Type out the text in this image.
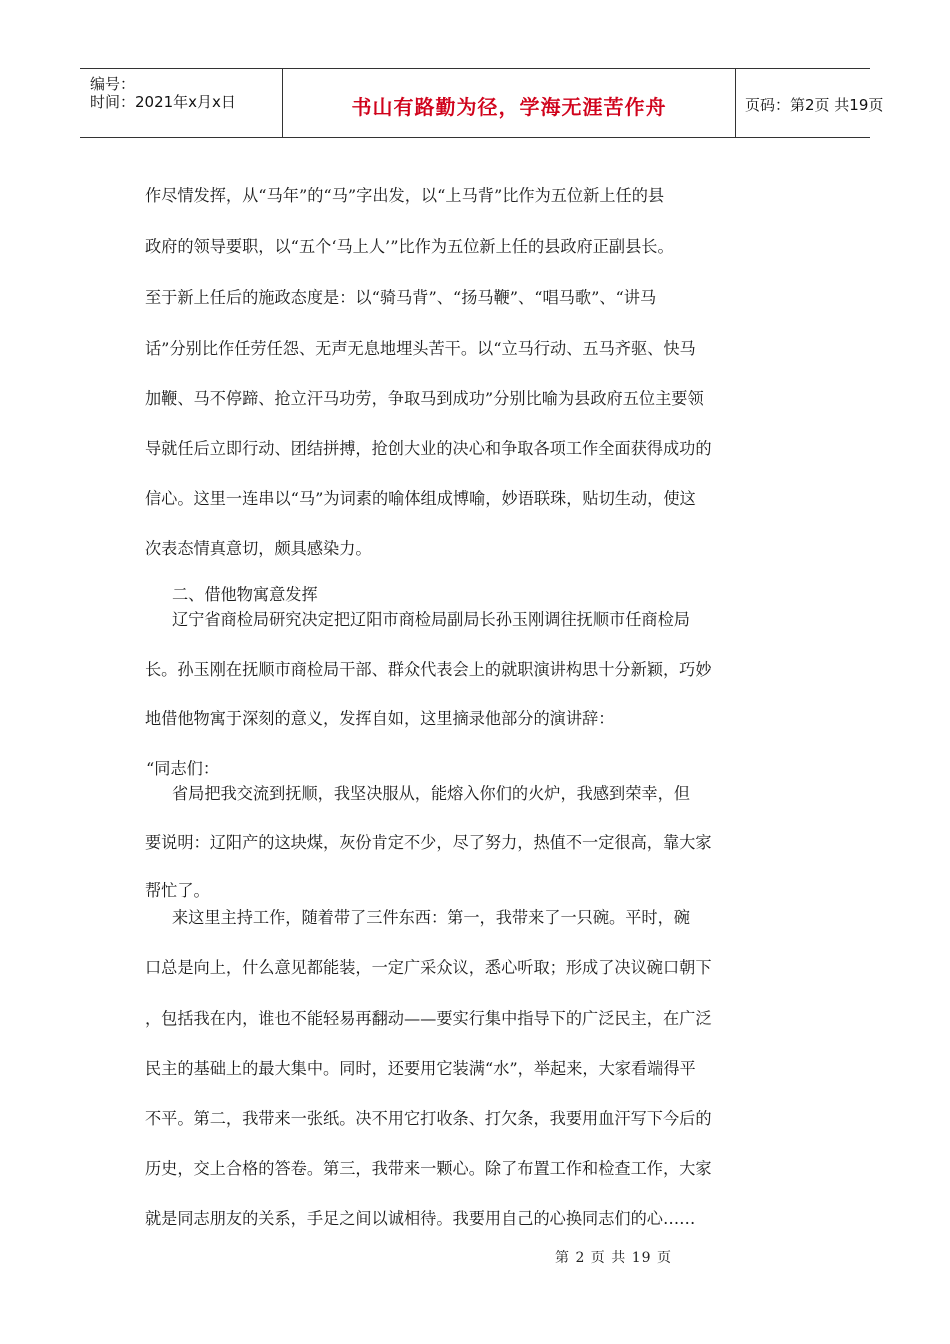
编号：
时间：2021年x月x日	书山有路勤为径，学海无涯苦作舟	页码：第2页 共19页
作尽情发挥，从“马年”的“马”字出发，以“上马背”比作为五位新上任的县
政府的领导要职，以“五个‘马上人’”比作为五位新上任的县政府正副县长。
至于新上任后的施政态度是：以“骑马背”、“扬马鞭”、“唱马歌”、“讲马
话”分别比作任劳任怨、无声无息地埋头苦干。以“立马行动、五马齐驱、快马
加鞭、马不停蹄、抢立汗马功劳，争取马到成功”分别比喻为县政府五位主要领
导就任后立即行动、团结拼搏，抢创大业的决心和争取各项工作全面获得成功的
信心。这里一连串以“马”为词素的喻体组成博喻，妙语联珠，贴切生动，使这
次表态情真意切，颇具感染力。
二、借他物寓意发挥
辽宁省商检局研究决定把辽阳市商检局副局长孙玉刚调往抚顺市任商检局
长。孙玉刚在抚顺市商检局干部、群众代表会上的就职演讲构思十分新颖，巧妙
地借他物寓于深刻的意义，发挥自如，这里摘录他部分的演讲辞：
“同志们：
省局把我交流到抚顺，我坚决服从，能熔入你们的火炉，我感到荣幸，但
要说明：辽阳产的这块煤，灰份肯定不少，尽了努力，热值不一定很高，靠大家
帮忙了。
来这里主持工作，随着带了三件东西：第一，我带来了一只碗。平时，碗
口总是向上，什么意见都能装，一定广采众议，悉心听取；形成了决议碗口朝下
，包括我在内，谁也不能轻易再翻动——要实行集中指导下的广泛民主，在广泛
民主的基础上的最大集中。同时，还要用它装满“水”，举起来，大家看端得平
不平。第二，我带来一张纸。决不用它打收条、打欠条，我要用血汗写下今后的
历史，交上合格的答卷。第三，我带来一颗心。除了布置工作和检查工作，大家
就是同志朋友的关系，手足之间以诚相待。我要用自己的心换同志们的心……
第 2 页 共 19 页
